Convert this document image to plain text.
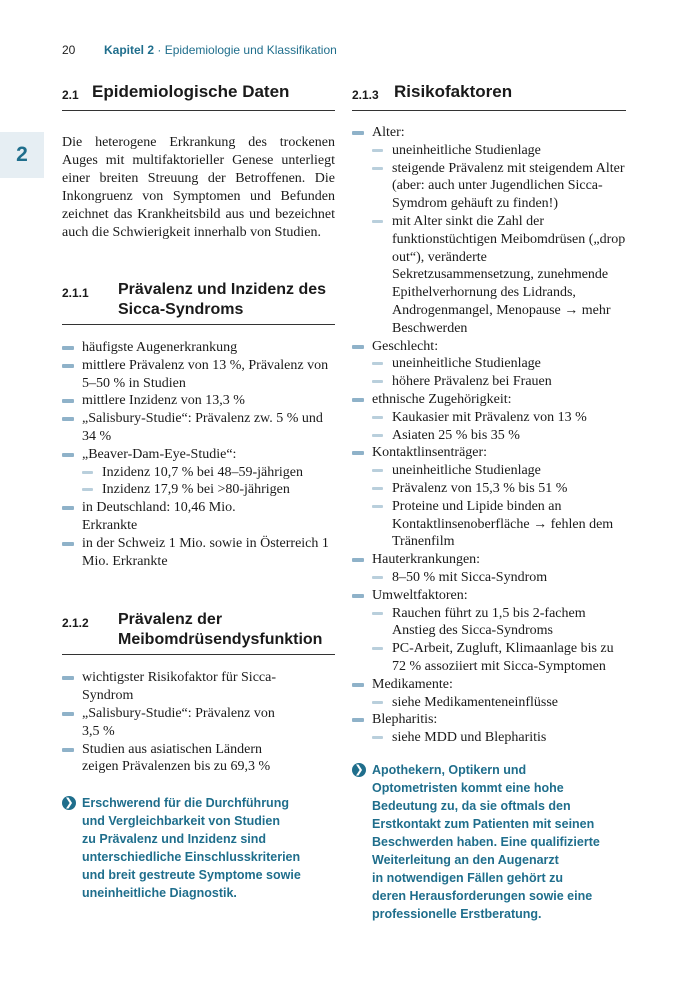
20 Kapitel 2 · Epidemiologie und Klassifikation
2
2.1 Epidemiologische Daten

Die heterogene Erkrankung des trockenen Auges mit multifaktorieller Genese unterliegt einer breiten Streuung der Betroffenen. Die Inkongruenz von Symptomen und Befunden zeichnet das Krankheitsbild aus und bezeichnet auch die Schwierigkeit innerhalb von Studien.

2.1.1 Prävalenz und Inzidenz des
Sicca-Syndroms
häufigste Augenerkrankung
mittlere Prävalenz von 13 %, Prävalenz von 5–50 % in Studien
mittlere Inzidenz von 13,3 %
„Salisbury-Studie“: Prävalenz zw. 5 % und 34 %
„Beaver-Dam-Eye-Studie“:
Inzidenz 10,7 % bei 48–59-jährigen
Inzidenz 17,9 % bei >80-jährigen
in Deutschland: 10,46 Mio. Erkrankte
in der Schweiz 1 Mio. sowie in Österreich 1 Mio. Erkrankte
2.1.2 Prävalenz der
Meibomdrüsendysfunktion
wichtigster Risikofaktor für Sicca-Syndrom
„Salisbury-Studie“: Prävalenz von 3,5 %
Studien aus asiatischen Ländern zeigen Prävalenzen bis zu 69,3 %
❯ Erschwerend für die Durchführung
und Vergleichbarkeit von Studien
zu Prävalenz und Inzidenz sind
unterschiedliche Einschlusskriterien
und breit gestreute Symptome sowie
uneinheitliche Diagnostik.
2.1.3 Risikofaktoren
Alter:
uneinheitliche Studienlage
steigende Prävalenz mit steigendem Alter (aber: auch unter Jugendlichen Sicca-Symdrom gehäuft zu finden!)
mit Alter sinkt die Zahl der funktionstüchtigen Meibomdrüsen („drop out“), veränderte Sekretzusammensetzung, zunehmende Epithelverhornung des Lidrands, Androgenmangel, Menopause → mehr Beschwerden
Geschlecht:
uneinheitliche Studienlage
höhere Prävalenz bei Frauen
ethnische Zugehörigkeit:
Kaukasier mit Prävalenz von 13 %
Asiaten 25 % bis 35 %
Kontaktlinsenträger:
uneinheitliche Studienlage
Prävalenz von 15,3 % bis 51 %
Proteine und Lipide binden an Kontaktlinsenoberfläche → fehlen dem Tränenfilm
Hauterkrankungen:
8–50 % mit Sicca-Syndrom
Umweltfaktoren:
Rauchen führt zu 1,5 bis 2-fachem Anstieg des Sicca-Syndroms
PC-Arbeit, Zugluft, Klimaanlage bis zu 72 % assoziiert mit Sicca-Symptomen
Medikamente:
siehe Medikamenteneinflüsse
Blepharitis:
siehe MDD und Blepharitis
❯ Apothekern, Optikern und
Optometristen kommt eine hohe
Bedeutung zu, da sie oftmals den
Erstkontakt zum Patienten mit seinen
Beschwerden haben. Eine qualifizierte
Weiterleitung an den Augenarzt
in notwendigen Fällen gehört zu
deren Herausforderungen sowie eine
professionelle Erstberatung.
